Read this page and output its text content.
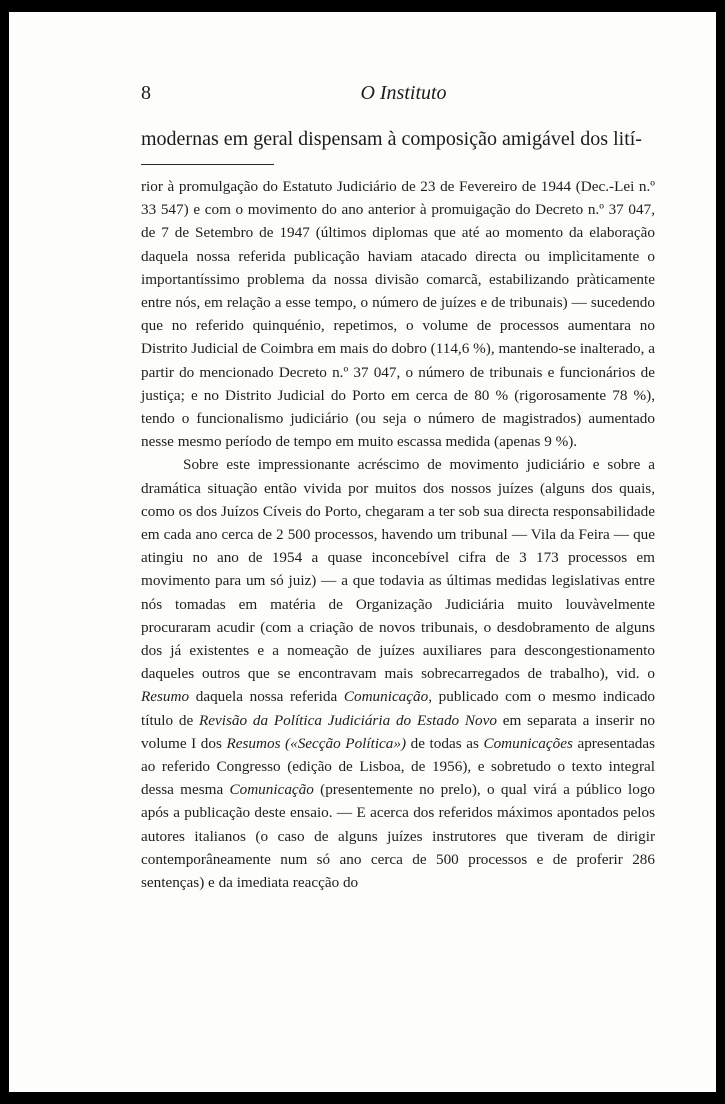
8	O Instituto
modernas em geral dispensam à composição amigável dos lití-

rior à promulgação do Estatuto Judiciário de 23 de Fevereiro de 1944 (Dec.-Lei n.º 33 547) e com o movimento do ano anterior à promuigação do Decreto n.º 37 047, de 7 de Setembro de 1947 (últimos diplomas que até ao momento da elaboração daquela nossa referida publicação haviam atacado directa ou implìcitamente o importantíssimo problema da nossa divisão comarcã, estabilizando pràticamente entre nós, em relação a esse tempo, o número de juízes e de tribunais) — sucedendo que no referido quinquénio, repetimos, o volume de processos aumentara no Distrito Judicial de Coimbra em mais do dobro (114,6 %), mantendo-se inalterado, a partir do mencionado Decreto n.º 37 047, o número de tribunais e funcionários de justiça; e no Distrito Judicial do Porto em cerca de 80 % (rigorosamente 78 %), tendo o funcionalismo judiciário (ou seja o número de magistrados) aumentado nesse mesmo período de tempo em muito escassa medida (apenas 9 %).

Sobre este impressionante acréscimo de movimento judiciário e sobre a dramática situação então vivida por muitos dos nossos juízes (alguns dos quais, como os dos Juízos Cíveis do Porto, chegaram a ter sob sua directa responsabilidade em cada ano cerca de 2 500 processos, havendo um tribunal — Vila da Feira — que atingiu no ano de 1954 a quase inconcebível cifra de 3 173 processos em movimento para um só juiz) — a que todavia as últimas medidas legislativas entre nós tomadas em matéria de Organização Judiciária muito louvàvelmente procuraram acudir (com a criação de novos tribunais, o desdobramento de alguns dos já existentes e a nomeação de juízes auxiliares para descongestionamento daqueles outros que se encontravam mais sobrecarregados de trabalho), vid. o Resumo daquela nossa referida Comunicação, publicado com o mesmo indicado título de Revisão da Política Judiciária do Estado Novo em separata a inserir no volume I dos Resumos («Secção Política») de todas as Comunicações apresentadas ao referido Congresso (edição de Lisboa, de 1956), e sobretudo o texto integral dessa mesma Comunicação (presentemente no prelo), o qual virá a público logo após a publicação deste ensaio. — E acerca dos referidos máximos apontados pelos autores italianos (o caso de alguns juízes instrutores que tiveram de dirigir contemporâneamente num só ano cerca de 500 processos e de proferir 286 sentenças) e da imediata reacção do
